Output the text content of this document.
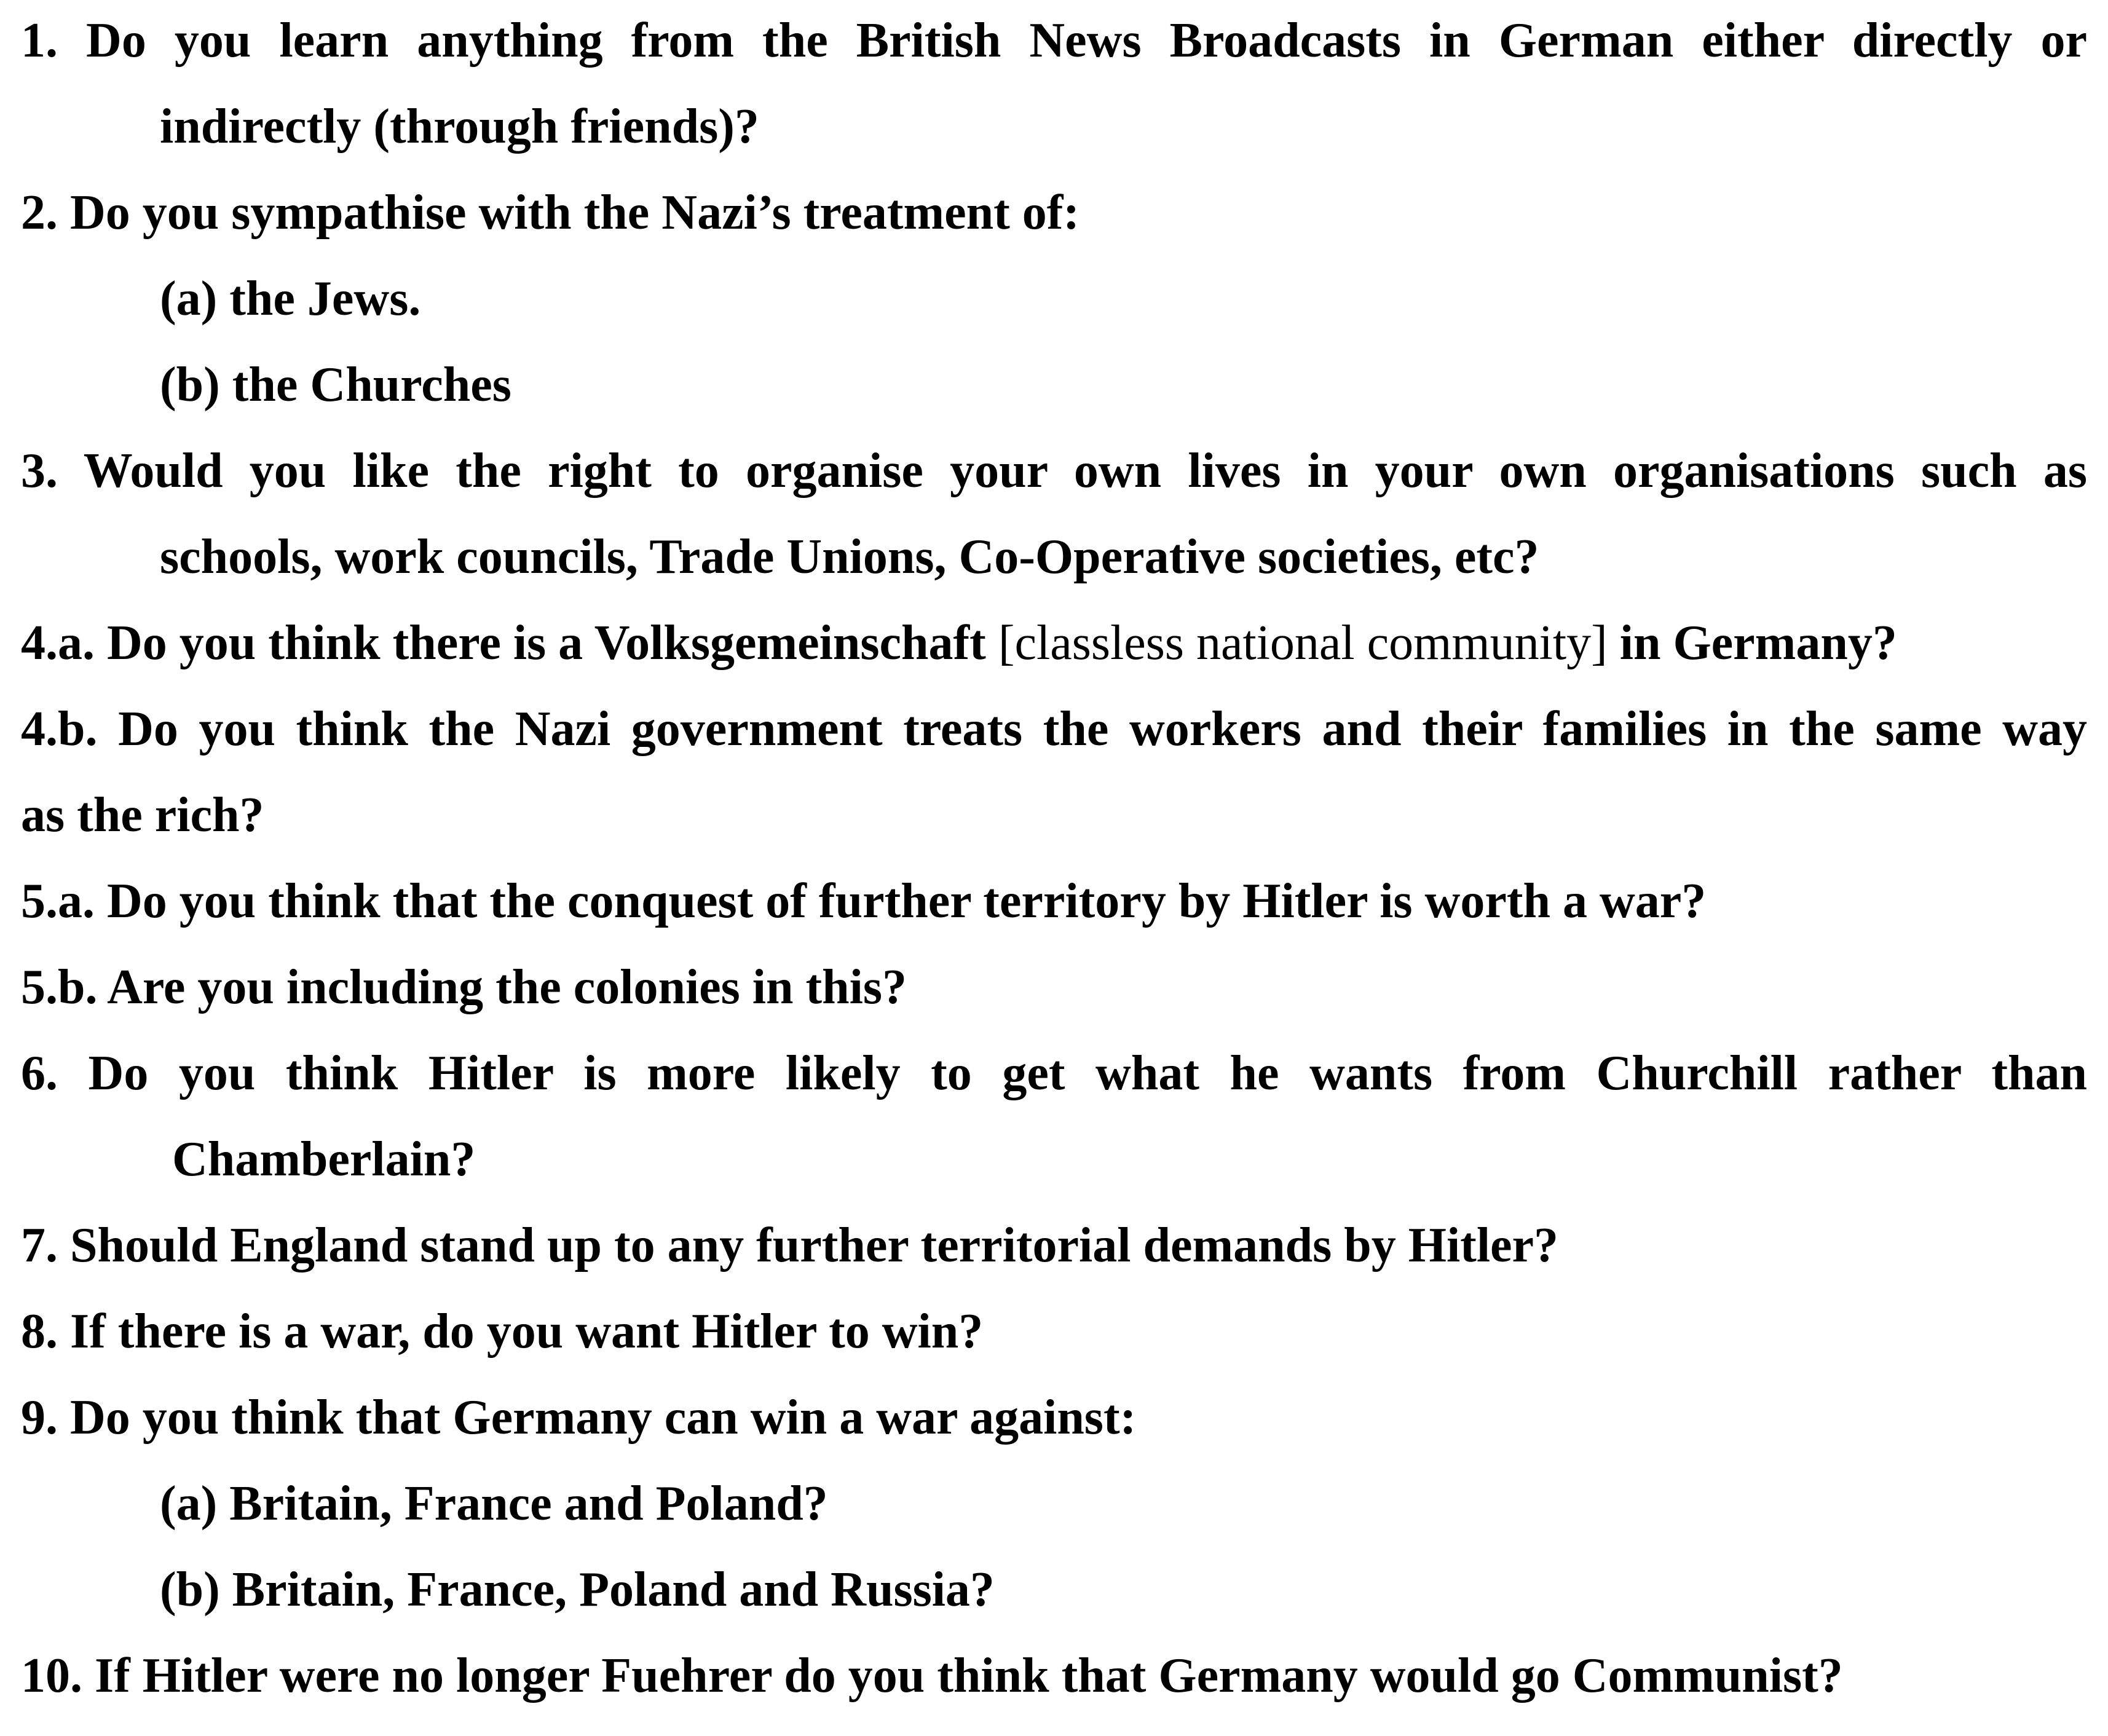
1. Do you learn anything from the British News Broadcasts in German either directly or
indirectly (through friends)?
2. Do you sympathise with the Nazi’s treatment of:
(a) the Jews.
(b) the Churches
3. Would you like the right to organise your own lives in your own organisations such as
schools, work councils, Trade Unions, Co-Operative societies, etc?
4.a. Do you think there is a Volksgemeinschaft [classless national community] in Germany?
4.b. Do you think the Nazi government treats the workers and their families in the same way
as the rich?
5.a. Do you think that the conquest of further territory by Hitler is worth a war?
5.b. Are you including the colonies in this?
6. Do you think Hitler is more likely to get what he wants from Churchill rather than
Chamberlain?
7. Should England stand up to any further territorial demands by Hitler?
8. If there is a war, do you want Hitler to win?
9. Do you think that Germany can win a war against:
(a) Britain, France and Poland?
(b) Britain, France, Poland and Russia?
10. If Hitler were no longer Fuehrer do you think that Germany would go Communist?
